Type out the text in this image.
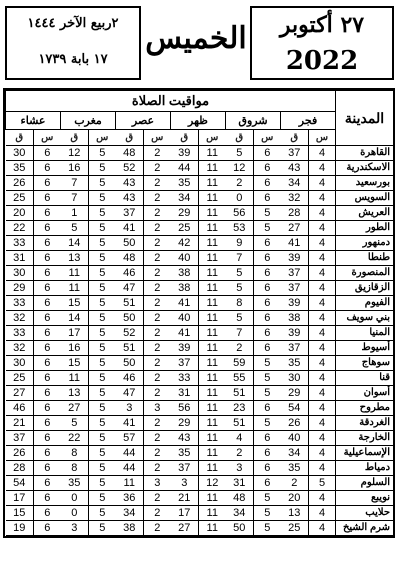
٢ربيع الآخر ١٤٤٤
١٧ بابة ١٧٣٩
الخميس	٢٧ أكتوبر
2022
مواقيت الصلاة												المدينة
عشاء		مغرب		عصر		ظهر		شروق		فجر		
ق	س	ق	س	ق	س	ق	س	ق	س	ق	س	
30	6	12	5	48	2	39	11	5	6	37	4	القاهرة
35	6	16	5	52	2	44	11	12	6	43	4	الاسكندرية
26	6	7	5	43	2	35	11	2	6	34	4	بورسعيد
25	6	7	5	43	2	34	11	0	6	32	4	السويس
20	6	1	5	37	2	29	11	56	5	28	4	العريش
22	6	5	5	41	2	25	11	53	5	27	4	الطور
33	6	14	5	50	2	42	11	9	6	41	4	دمنهور
31	6	13	5	48	2	40	11	7	6	39	4	طنطا
30	6	11	5	46	2	38	11	5	6	37	4	المنصورة
29	6	11	5	47	2	38	11	5	6	37	4	الزقازيق
33	6	15	5	51	2	41	11	8	6	39	4	الفيوم
32	6	14	5	50	2	40	11	5	6	38	4	بني سويف
33	6	17	5	52	2	41	11	7	6	39	4	المنيا
32	6	16	5	51	2	39	11	2	6	37	4	أسيوط
30	6	15	5	50	2	37	11	59	5	35	4	سوهاج
25	6	11	5	46	2	33	11	55	5	30	4	قنا
27	6	13	5	47	2	31	11	51	5	29	4	أسوان
46	6	27	5	3	3	56	11	23	6	54	4	مطروح
21	6	5	5	41	2	29	11	51	5	26	4	الغردقة
37	6	22	5	57	2	43	11	4	6	40	4	الخارجة
26	6	8	5	44	2	35	11	2	6	34	4	الإسماعيلية
28	6	8	5	44	2	37	11	3	6	35	4	دمياط
54	6	35	5	11	3	3	12	31	6	2	5	السلوم
17	6	0	5	36	2	21	11	48	5	20	4	نويبع
15	6	0	5	34	2	17	11	34	5	13	4	حلايب
19	6	3	5	38	2	27	11	50	5	25	4	شرم الشيخ
